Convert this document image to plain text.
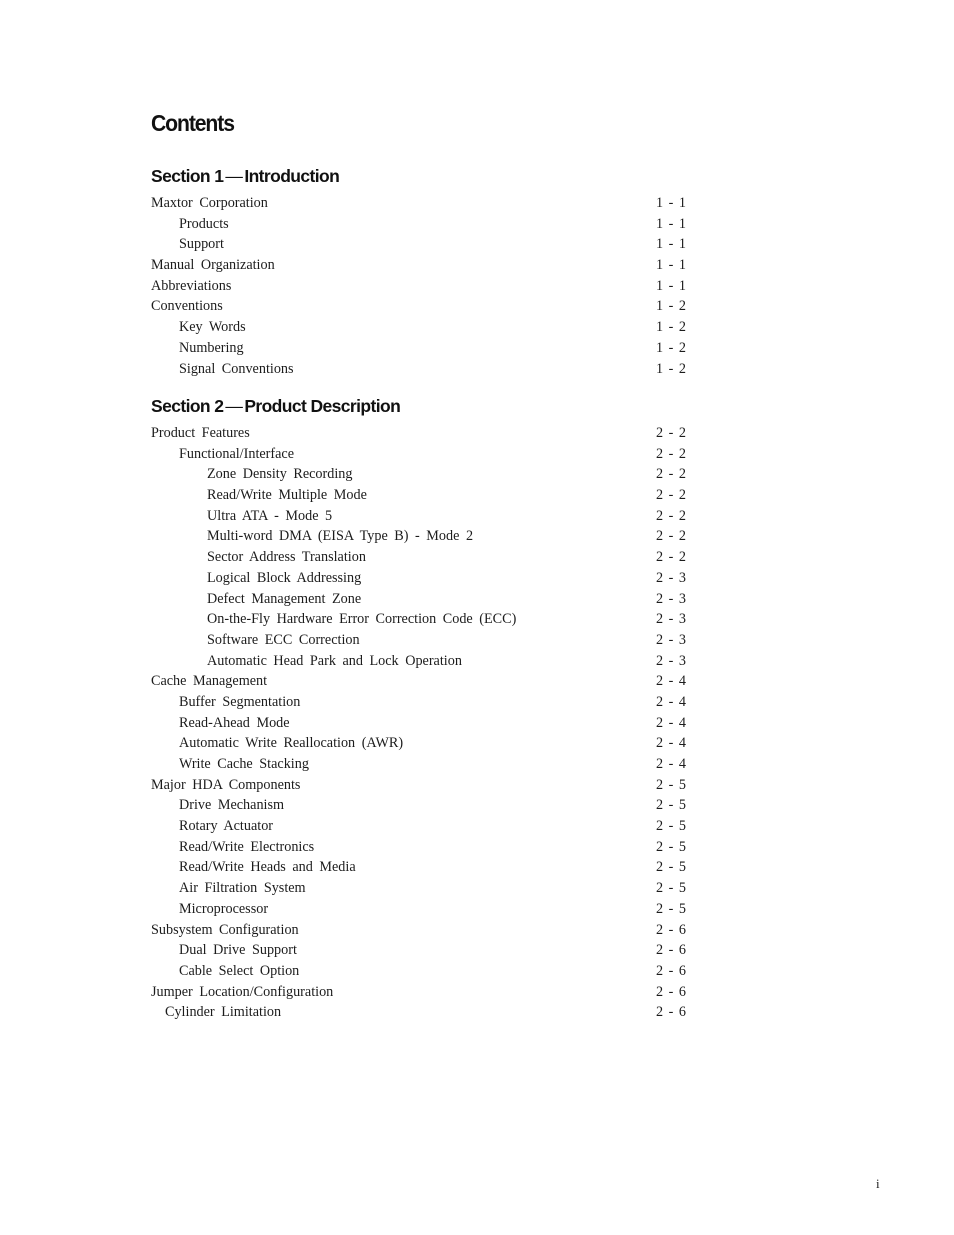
Contents
Section 1 — Introduction
Maxtor Corporation	1 - 1
Products	1 - 1
Support	1 - 1
Manual Organization	1 - 1
Abbreviations	1 - 1
Conventions	1 - 2
Key Words	1 - 2
Numbering	1 - 2
Signal Conventions	1 - 2
Section 2 — Product Description
Product Features	2 - 2
Functional/Interface	2 - 2
Zone Density Recording	2 - 2
Read/Write Multiple Mode	2 - 2
Ultra ATA - Mode 5	2 - 2
Multi-word DMA (EISA Type B) - Mode 2	2 - 2
Sector Address Translation	2 - 2
Logical Block Addressing	2 - 3
Defect Management Zone	2 - 3
On-the-Fly Hardware Error Correction Code (ECC)	2 - 3
Software ECC Correction	2 - 3
Automatic Head Park and Lock Operation	2 - 3
Cache Management	2 - 4
Buffer Segmentation	2 - 4
Read-Ahead Mode	2 - 4
Automatic Write Reallocation (AWR)	2 - 4
Write Cache Stacking	2 - 4
Major HDA Components	2 - 5
Drive Mechanism	2 - 5
Rotary Actuator	2 - 5
Read/Write Electronics	2 - 5
Read/Write Heads and Media	2 - 5
Air Filtration System	2 - 5
Microprocessor	2 - 5
Subsystem Configuration	2 - 6
Dual Drive Support	2 - 6
Cable Select Option	2 - 6
Jumper Location/Configuration	2 - 6
Cylinder Limitation	2 - 6
i
